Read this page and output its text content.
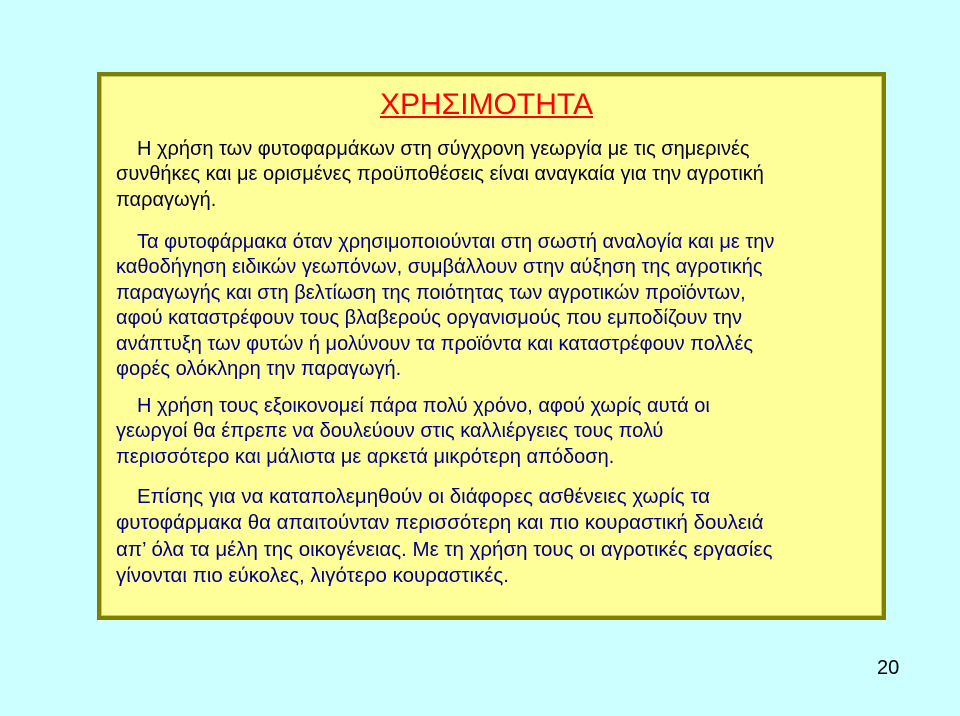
ΧΡΗΣΙΜΟΤΗΤΑ

Η χρήση των φυτοφαρμάκων στη σύγχρονη γεωργία με τις σημερινές
συνθήκες και με ορισμένες προϋποθέσεις είναι αναγκαία για την αγροτική
παραγωγή.

Τα φυτοφάρμακα όταν χρησιμοποιούνται στη σωστή αναλογία και με την
καθοδήγηση ειδικών γεωπόνων, συμβάλλουν στην αύξηση της αγροτικής
παραγωγής και στη βελτίωση της ποιότητας των αγροτικών προϊόντων,
αφού καταστρέφουν τους βλαβερούς οργανισμούς που εμποδίζουν την
ανάπτυξη των φυτών ή μολύνουν τα προϊόντα και καταστρέφουν πολλές
φορές ολόκληρη την παραγωγή.

Η χρήση τους εξοικονομεί πάρα πολύ χρόνο, αφού χωρίς αυτά οι
γεωργοί θα έπρεπε να δουλεύουν στις καλλιέργειες τους πολύ
περισσότερο και μάλιστα με αρκετά μικρότερη απόδοση.

Επίσης για να καταπολεμηθούν οι διάφορες ασθένειες χωρίς τα
φυτοφάρμακα θα απαιτούνταν περισσότερη και πιο κουραστική δουλειά
απ’ όλα τα μέλη της οικογένειας. Με τη χρήση τους οι αγροτικές εργασίες
γίνονται πιο εύκολες, λιγότερο κουραστικές.

20
